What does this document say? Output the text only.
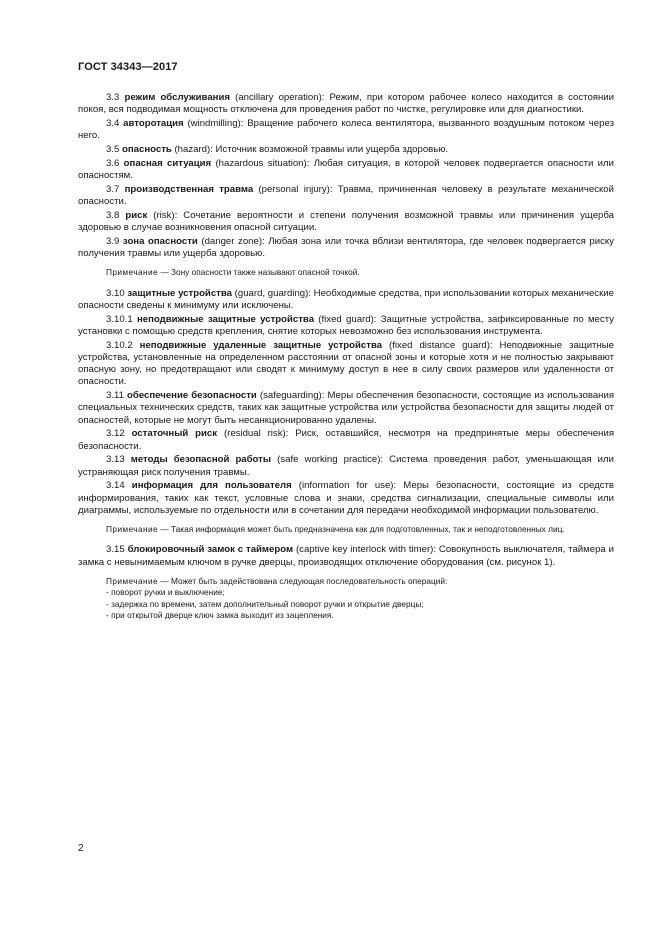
ГОСТ 34343—2017

3.3 режим обслуживания (ancillary operation): Режим, при котором рабочее колесо находится в состоянии покоя, вся подводимая мощность отключена для проведения работ по чистке, регулировке или для диагностики.

3.4 авторотация (windmilling): Вращение рабочего колеса вентилятора, вызванного воздушным потоком через него.

3.5 опасность (hazard): Источник возможной травмы или ущерба здоровью.

3.6 опасная ситуация (hazardous situation): Любая ситуация, в которой человек подвергается опасности или опасностям.

3.7 производственная травма (personal injury): Травма, причиненная человеку в результате механической опасности.

3.8 риск (risk): Сочетание вероятности и степени получения возможной травмы или причинения ущерба здоровью в случае возникновения опасной ситуации.

3.9 зона опасности (danger zone): Любая зона или точка вблизи вентилятора, где человек подвергается риску получения травмы или ущерба здоровью.

Примечание — Зону опасности также называют опасной точкой.

3.10 защитные устройства (guard, guarding): Необходимые средства, при использовании которых механические опасности сведены к минимуму или исключены.

3.10.1 неподвижные защитные устройства (fixed guard): Защитные устройства, зафиксированные по месту установки с помощью средств крепления, снятие которых невозможно без использования инструмента.

3.10.2 неподвижные удаленные защитные устройства (fixed distance guard): Неподвижные защитные устройства, установленные на определенном расстоянии от опасной зоны и которые хотя и не полностью закрывают опасную зону, но предотвращают или сводят к минимуму доступ в нее в силу своих размеров или удаленности от опасности.

3.11 обеспечение безопасности (safeguarding): Меры обеспечения безопасности, состоящие из использования специальных технических средств, таких как защитные устройства или устройства безопасности для защиты людей от опасностей, которые не могут быть несанкционированно удалены.

3.12 остаточный риск (residual risk): Риск, оставшийся, несмотря на предпринятые меры обеспечения безопасности.

3.13 методы безопасной работы (safe working practice): Система проведения работ, уменьшающая или устраняющая риск получения травмы.

3.14 информация для пользователя (information for use): Меры безопасности, состоящие из средств информирования, таких как текст, условные слова и знаки, средства сигнализации, специальные символы или диаграммы, используемые по отдельности или в сочетании для передачи необходимой информации пользователю.

Примечание — Такая информация может быть предназначена как для подготовленных, так и неподготовленных лиц.

3.15 блокировочный замок с таймером (captive key interlock with timer): Совокупность выключателя, таймера и замка с невынимаемым ключом в ручке дверцы, производящих отключение оборудования (см. рисунок 1).

Примечание — Может быть задействована следующая последовательность операций:

- поворот ручки и выключение;

- задержка по времени, затем дополнительный поворот ручки и открытие дверцы;

- при открытой дверце ключ замка выходит из зацепления.

2
